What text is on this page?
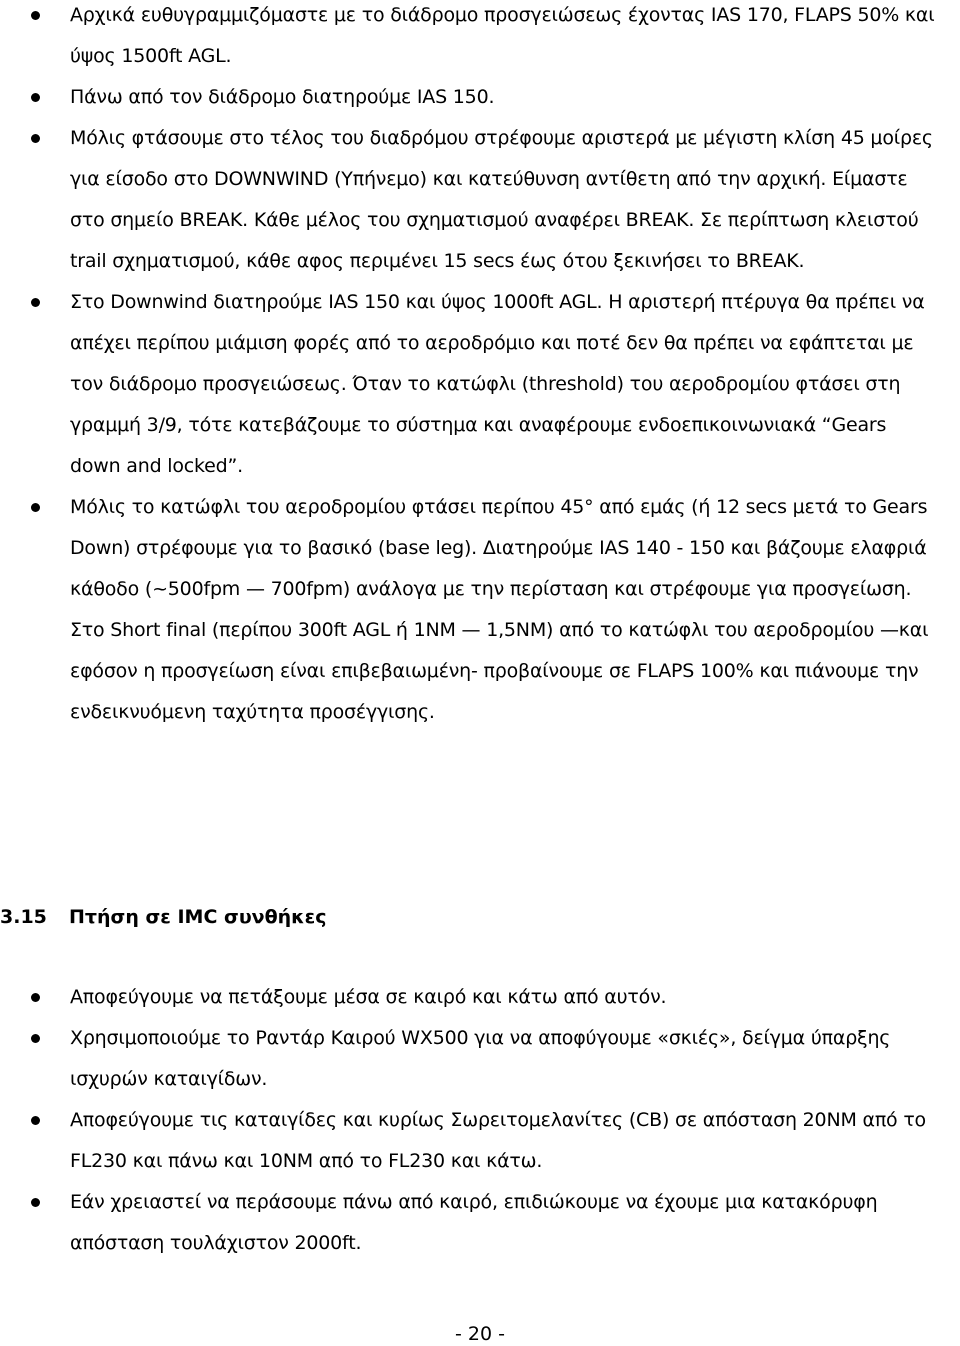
Αρχικά ευθυγραμμιζόμαστε με το διάδρομο προσγειώσεως έχοντας IAS 170, FLAPS 50% και ύψος 1500ft AGL.
Πάνω από τον διάδρομο διατηρούμε IAS 150.
Μόλις φτάσουμε στο τέλος του διαδρόμου στρέφουμε αριστερά με μέγιστη κλίση 45 μοίρες για είσοδο στο DOWNWIND (Υπήνεμο) και κατεύθυνση αντίθετη από την αρχική. Είμαστε στο σημείο BREAK. Κάθε μέλος του σχηματισμού αναφέρει BREAK. Σε περίπτωση κλειστού trail σχηματισμού, κάθε αφος περιμένει 15 secs έως ότου ξεκινήσει το BREAK.
Στο Downwind διατηρούμε IAS 150 και ύψος 1000ft AGL. Η αριστερή πτέρυγα θα πρέπει να απέχει περίπου μιάμιση φορές από το αεροδρόμιο και ποτέ δεν θα πρέπει να εφάπτεται με τον διάδρομο προσγειώσεως. Όταν το κατώφλι (threshold) του αεροδρομίου φτάσει στη γραμμή 3/9, τότε κατεβάζουμε το σύστημα και αναφέρουμε ενδοεπικοινωνιακά “Gears down and locked”.
Μόλις το κατώφλι του αεροδρομίου φτάσει περίπου 45° από εμάς (ή 12 secs μετά το Gears Down) στρέφουμε για το βασικό (base leg). Διατηρούμε IAS 140 - 150 και βάζουμε ελαφριά κάθοδο (~500fpm — 700fpm) ανάλογα με την περίσταση και στρέφουμε για προσγείωση. Στο Short final (περίπου 300ft AGL ή 1NM — 1,5NM) από το κατώφλι του αεροδρομίου —και εφόσον η προσγείωση είναι επιβεβαιωμένη- προβαίνουμε σε FLAPS 100% και πιάνουμε την ενδεικνυόμενη ταχύτητα προσέγγισης.
3.15 Πτήση σε IMC συνθήκες
Αποφεύγουμε να πετάξουμε μέσα σε καιρό και κάτω από αυτόν.
Χρησιμοποιούμε το Ραντάρ Καιρού WX500 για να αποφύγουμε «σκιές», δείγμα ύπαρξης ισχυρών καταιγίδων.
Αποφεύγουμε τις καταιγίδες και κυρίως Σωρειτομελανίτες (CB) σε απόσταση 20NM από το FL230 και πάνω και 10NM από το FL230 και κάτω.
Εάν χρειαστεί να περάσουμε πάνω από καιρό, επιδιώκουμε να έχουμε μια κατακόρυφη απόσταση τουλάχιστον 2000ft.
- 20 -
